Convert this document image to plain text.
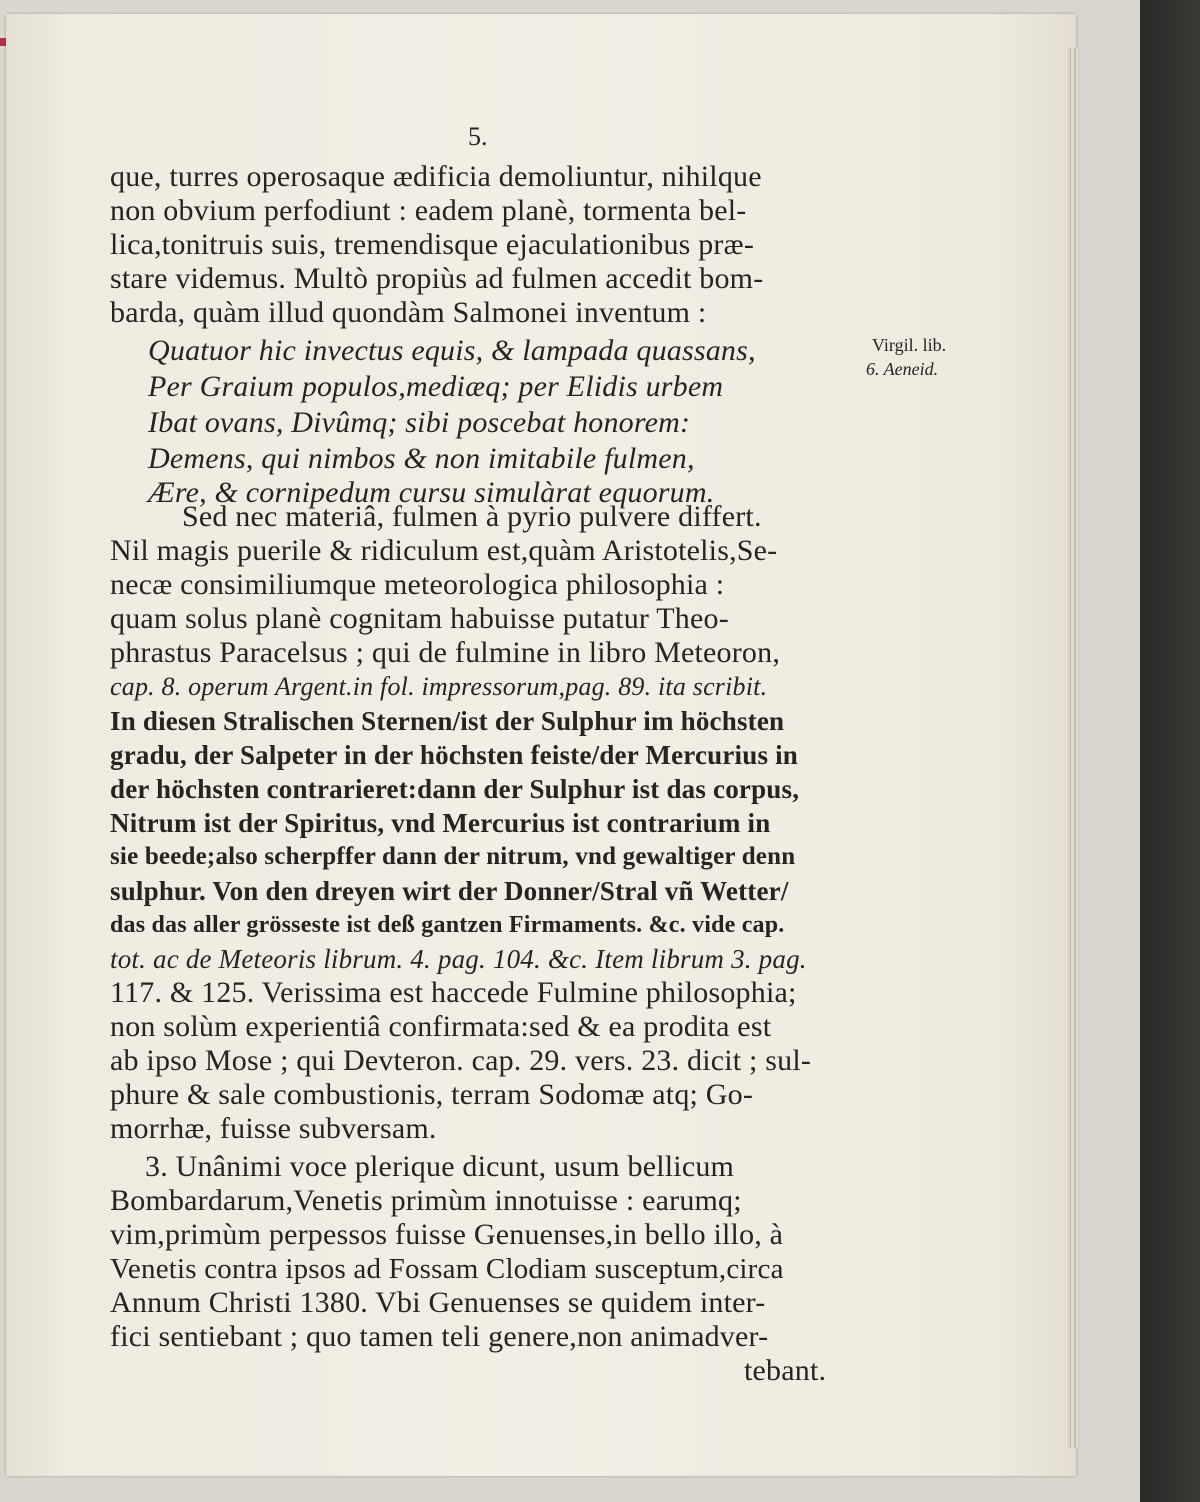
5.
que, turres operosaque ædificia demoliuntur, nihilque
non obvium perfodiunt : eadem planè, tormenta bel-
lica,tonitruis suis, tremendisque ejaculationibus præ-
stare videmus. Multò propiùs ad fulmen accedit bom-
barda, quàm illud quondàm Salmonei inventum :
Quatuor hic invectus equis, & lampada quassans,
Per Graium populos,mediæq; per Elidis urbem
Ibat ovans, Divûmq; sibi poscebat honorem:
Demens, qui nimbos & non imitabile fulmen,
Ære, & cornipedum cursu simulàrat equorum.
Sed nec materiâ, fulmen à pyrio pulvere differt.
Nil magis puerile & ridiculum est,quàm Aristotelis,Se-
necæ consimiliumque meteorologica philosophia :
quam solus planè cognitam habuisse putatur Theo-
phrastus Paracelsus ; qui de fulmine in libro Meteoron,
cap. 8. operum Argent.in fol. impressorum,pag. 89. ita scribit.
In diesen Stralischen Sternen/ist der Sulphur im höchsten
gradu, der Salpeter in der höchsten feiste/der Mercurius in
der höchsten contrarieret:dann der Sulphur ist das corpus,
Nitrum ist der Spiritus, vnd Mercurius ist contrarium in
sie beede;also scherpffer dann der nitrum, vnd gewaltiger denn
sulphur. Von den dreyen wirt der Donner/Stral vñ Wetter/
das das aller grösseste ist deß gantzen Firmaments. &c. vide cap.
tot. ac de Meteoris librum. 4. pag. 104. &c. Item librum 3. pag.
117. & 125. Verissima est haccede Fulmine philosophia;
non solùm experientiâ confirmata:sed & ea prodita est
ab ipso Mose ; qui Devteron. cap. 29. vers. 23. dicit ; sul-
phure & sale combustionis, terram Sodomæ atq; Go-
morrhæ, fuisse subversam.
3. Unânimi voce plerique dicunt, usum bellicum
Bombardarum,Venetis primùm innotuisse : earumq;
vim,primùm perpessos fuisse Genuenses,in bello illo, à
Venetis contra ipsos ad Fossam Clodiam susceptum,circa
Annum Christi 1380. Vbi Genuenses se quidem inter-
fici sentiebant ; quo tamen teli genere,non animadver-
tebant.
Virgil. lib.
6. Aeneid.
